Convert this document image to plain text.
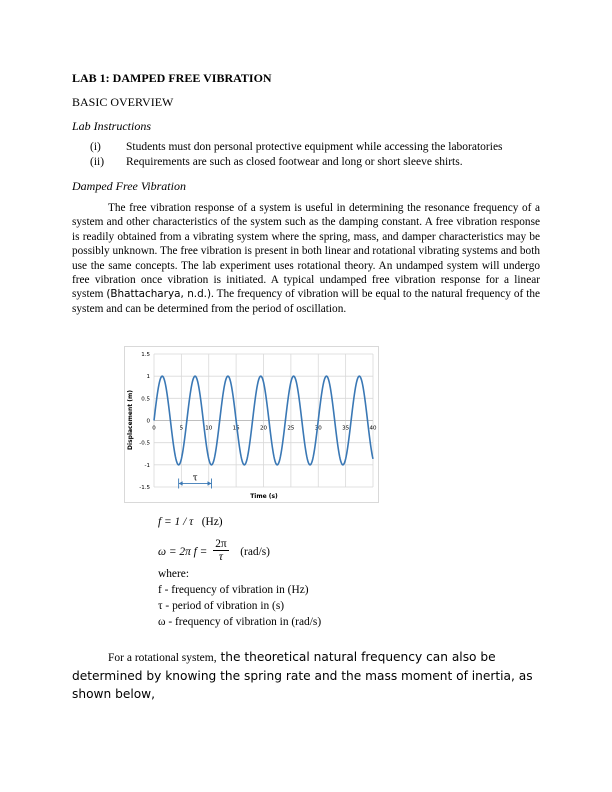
LAB 1: DAMPED FREE VIBRATION
BASIC OVERVIEW
Lab Instructions
(i) Students must don personal protective equipment while accessing the laboratories
(ii) Requirements are such as closed footwear and long or short sleeve shirts.
Damped Free Vibration
The free vibration response of a system is useful in determining the resonance frequency of a system and other characteristics of the system such as the damping constant. A free vibration response is readily obtained from a vibrating system where the spring, mass, and damper characteristics may be possibly unknown. The free vibration is present in both linear and rotational vibrating systems and both use the same concepts. The lab experiment uses rotational theory. An undamped system will undergo free vibration once vibration is initiated. A typical undamped free vibration response for a linear system (Bhattacharya, n.d.). The frequency of vibration will be equal to the natural frequency of the system and can be determined from the period of oscillation.
1.5
1
0.5
0
-0.5
-1
-1.5
0	5	10	15	20	25	30	35	40
τ
Displacement (m)
Time (s)
f = 1 / τ (Hz)
ω = 2π $f = \frac{2\pi}{\tau} (rad/s)$
where:
f - frequency of vibration in (Hz)
τ - period of vibration in (s)
ω - frequency of vibration in (rad/s)
For a rotational system, the theoretical natural frequency can also be determined by knowing the spring rate and the mass moment of inertia, as shown below,
